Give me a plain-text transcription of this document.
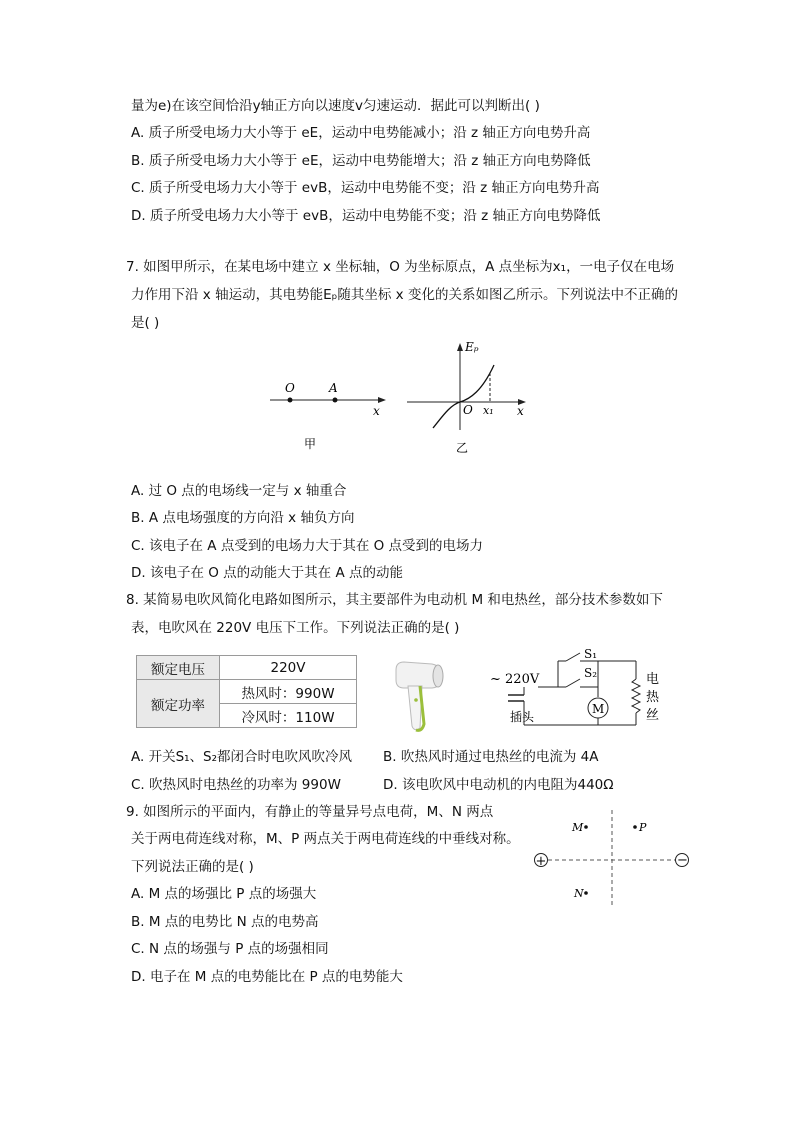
量为e)在该空间恰沿y轴正方向以速度v匀速运动．据此可以判断出( )
A. 质子所受电场力大小等于 eE，运动中电势能减小；沿 z 轴正方向电势升高
B. 质子所受电场力大小等于 eE，运动中电势能增大；沿 z 轴正方向电势降低
C. 质子所受电场力大小等于 evB，运动中电势能不变；沿 z 轴正方向电势升高
D. 质子所受电场力大小等于 evB，运动中电势能不变；沿 z 轴正方向电势降低
7. 如图甲所示，在某电场中建立 x 坐标轴，O 为坐标原点，A 点坐标为x₁，一电子仅在电场
力作用下沿 x 轴运动，其电势能Eₚ随其坐标 x 变化的关系如图乙所示。下列说法中不正确的
是( )
O	A
x
甲
Eₚ
O x₁ x
乙
A. 过 O 点的电场线一定与 x 轴重合
B. A 点电场强度的方向沿 x 轴负方向
C. 该电子在 A 点受到的电场力大于其在 O 点受到的电场力
D. 该电子在 O 点的动能大于其在 A 点的动能
8. 某简易电吹风简化电路如图所示，其主要部件为电动机 M 和电热丝，部分技术参数如下
表，电吹风在 220V 电压下工作。下列说法正确的是( )
额定电压	220V
额定功率	热风时：990W
	冷风时：110W
~ 220V
S₁
S₂
M
插头
电
热
丝
A. 开关S₁、S₂都闭合时电吹风吹冷风 B. 吹热风时通过电热丝的电流为 4A
C. 吹热风时电热丝的功率为 990W	D. 该电吹风中电动机的内电阻为440Ω
9. 如图所示的平面内，有静止的等量异号点电荷，M、N 两点
关于两电荷连线对称，M、P 两点关于两电荷连线的中垂线对称。
下列说法正确的是( )	+	−
M	P
N
A. M 点的场强比 P 点的场强大
B. M 点的电势比 N 点的电势高
C. N 点的场强与 P 点的场强相同
D. 电子在 M 点的电势能比在 P 点的电势能大
